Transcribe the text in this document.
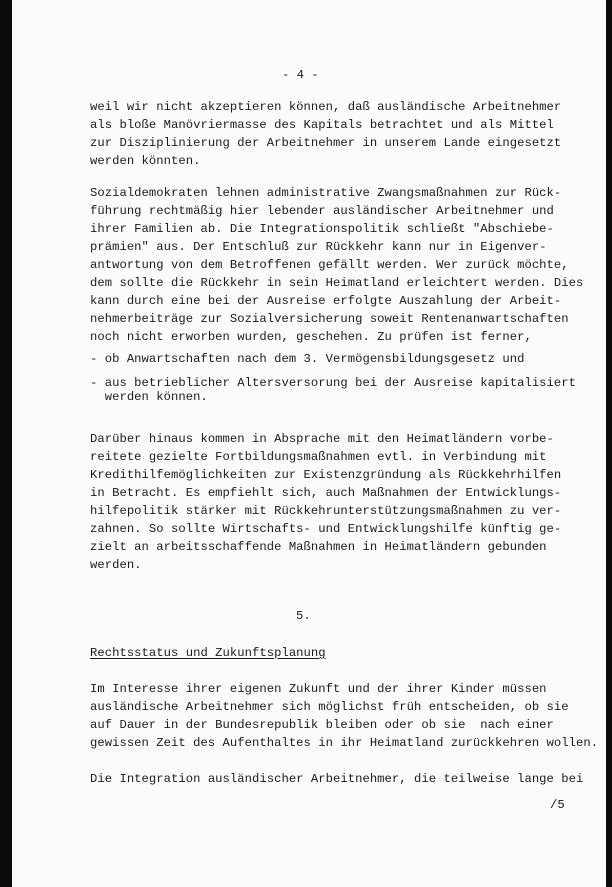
- 4 -
weil wir nicht akzeptieren können, daß ausländische Arbeitnehmer
als bloße Manövriermasse des Kapitals betrachtet und als Mittel
zur Disziplinierung der Arbeitnehmer in unserem Lande eingesetzt
werden könnten.
Sozialdemokraten lehnen administrative Zwangsmaßnahmen zur Rück-
führung rechtmäßig hier lebender ausländischer Arbeitnehmer und
ihrer Familien ab. Die Integrationspolitik schließt "Abschiebe-
prämien" aus. Der Entschluß zur Rückkehr kann nur in Eigenver-
antwortung von dem Betroffenen gefällt werden. Wer zurück möchte,
dem sollte die Rückkehr in sein Heimatland erleichtert werden. Dies
kann durch eine bei der Ausreise erfolgte Auszahlung der Arbeit-
nehmerbeiträge zur Sozialversicherung soweit Rentenanwartschaften
noch nicht erworben wurden, geschehen. Zu prüfen ist ferner,
- ob Anwartschaften nach dem 3. Vermögensbildungsgesetz und
- aus betrieblicher Altersversorung bei der Ausreise kapitalisiert
werden können.
Darüber hinaus kommen in Absprache mit den Heimatländern vorbe-
reitete gezielte Fortbildungsmaßnahmen evtl. in Verbindung mit
Kredithilfemöglichkeiten zur Existenzgründung als Rückkehrhilfen
in Betracht. Es empfiehlt sich, auch Maßnahmen der Entwicklungs-
hilfepolitik stärker mit Rückkehrunterstützungsmaßnahmen zu ver-
zahnen. So sollte Wirtschafts- und Entwicklungshilfe künftig ge-
zielt an arbeitsschaffende Maßnahmen in Heimatländern gebunden
werden.
5.
Rechtsstatus und Zukunftsplanung
Im Interesse ihrer eigenen Zukunft und der ihrer Kinder müssen
ausländische Arbeitnehmer sich möglichst früh entscheiden, ob sie
auf Dauer in der Bundesrepublik bleiben oder ob sie  nach einer
gewissen Zeit des Aufenthaltes in ihr Heimatland zurückkehren wollen.
Die Integration ausländischer Arbeitnehmer, die teilweise lange bei
/5
